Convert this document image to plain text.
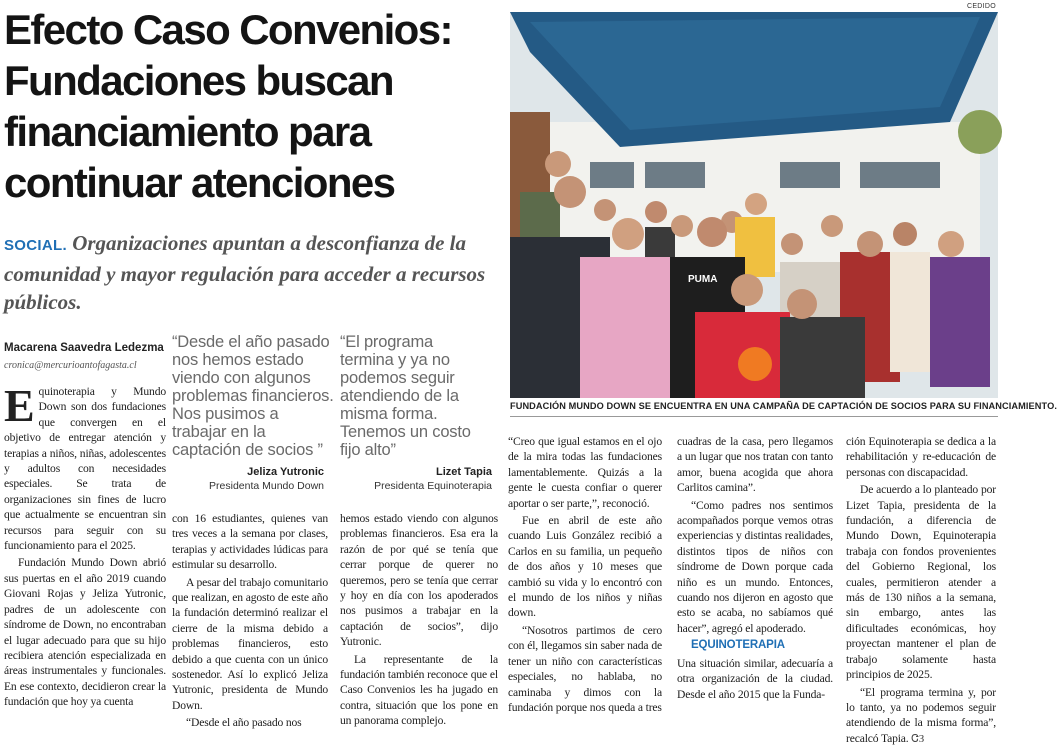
Efecto Caso Convenios:
Fundaciones buscan
financiamiento para
continuar atenciones
SOCIAL. Organizaciones apuntan a desconfianza de la comunidad y mayor regulación para acceder a recursos públicos.
Macarena Saavedra Ledezma
cronica@mercurioantofagasta.cl
“Desde el año pasado nos hemos estado viendo con algunos problemas financieros. Nos pusimos a trabajar en la captación de socios ”
Jeliza Yutronic
Presidenta Mundo Down
“El programa termina y ya no podemos seguir atendiendo de la misma forma. Tenemos un costo fijo alto”
Lizet Tapia
Presidenta Equinoterapia

Equinoterapia y Mundo Down son dos fundaciones que convergen en el objetivo de entregar atención y terapias a niños, niñas, adolescentes y adultos con necesidades especiales. Se trata de organizaciones sin fines de lucro que actualmente se encuentran sin recursos para seguir con su funcionamiento para el 2025.

Fundación Mundo Down abrió sus puertas en el año 2019 cuando Giovani Rojas y Jeliza Yutronic, padres de un adolescente con síndrome de Down, no encontraban el lugar adecuado para que su hijo recibiera atención especializada en áreas instrumentales y funcionales. En ese contexto, decidieron crear la fundación que hoy ya cuenta

con 16 estudiantes, quienes van tres veces a la semana por clases, terapias y actividades lúdicas para estimular su desarrollo.

A pesar del trabajo comunitario que realizan, en agosto de este año la fundación determinó realizar el cierre de la misma debido a problemas financieros, esto debido a que cuenta con un único sostenedor. Así lo explicó Jeliza Yutronic, presidenta de Mundo Down.

“Desde el año pasado nos

hemos estado viendo con algunos problemas financieros. Esa era la razón de por qué se tenía que cerrar porque de querer no queremos, pero se tenía que cerrar y hoy en día con los apoderados nos pusimos a trabajar en la captación de socios”, dijo Yutronic.

La representante de la fundación también reconoce que el Caso Convenios les ha jugado en contra, situación que los pone en un panorama complejo.

CEDIDO
PUMA
FUNDACIÓN MUNDO DOWN SE ENCUENTRA EN UNA CAMPAÑA DE CAPTACIÓN DE SOCIOS PARA SU FINANCIAMIENTO.

“Creo que igual estamos en el ojo de la mira todas las fundaciones lamentablemente. Quizás a la gente le cuesta confiar o querer aportar o ser parte,”, reconoció.

Fue en abril de este año cuando Luis González recibió a Carlos en su familia, un pequeño de dos años y 10 meses que cambió su vida y lo encontró con el mundo de los niños y niñas down.

“Nosotros partimos de cero con él, llegamos sin saber nada de tener un niño con características especiales, no hablaba, no caminaba y dimos con la fundación porque nos queda a tres

cuadras de la casa, pero llegamos a un lugar que nos tratan con tanto amor, buena acogida que ahora Carlitos camina”.

“Como padres nos sentimos acompañados porque vemos otras experiencias y distintas realidades, distintos tipos de niños con síndrome de Down porque cada niño es un mundo. Entonces, cuando nos dijeron en agosto que esto se acaba, no sabíamos qué hacer”, agregó el apoderado.

EQUINOTERAPIA

Una situación similar, adecuaría a otra organización de la ciudad. Desde el año 2015 que la Funda-

ción Equinoterapia se dedica a la rehabilitación y re-educación de personas con discapacidad.

De acuerdo a lo planteado por Lizet Tapia, presidenta de la fundación, a diferencia de Mundo Down, Equinoterapia trabaja con fondos provenientes del Gobierno Regional, los cuales, permitieron atender a más de 130 niños a la semana, sin embargo, antes las dificultades económicas, hoy proyectan mantener el plan de trabajo solamente hasta principios de 2025.

“El programa termina y, por lo tanto, ya no podemos seguir atendiendo de la misma forma”, recalcó Tapia. ᏣЗ
